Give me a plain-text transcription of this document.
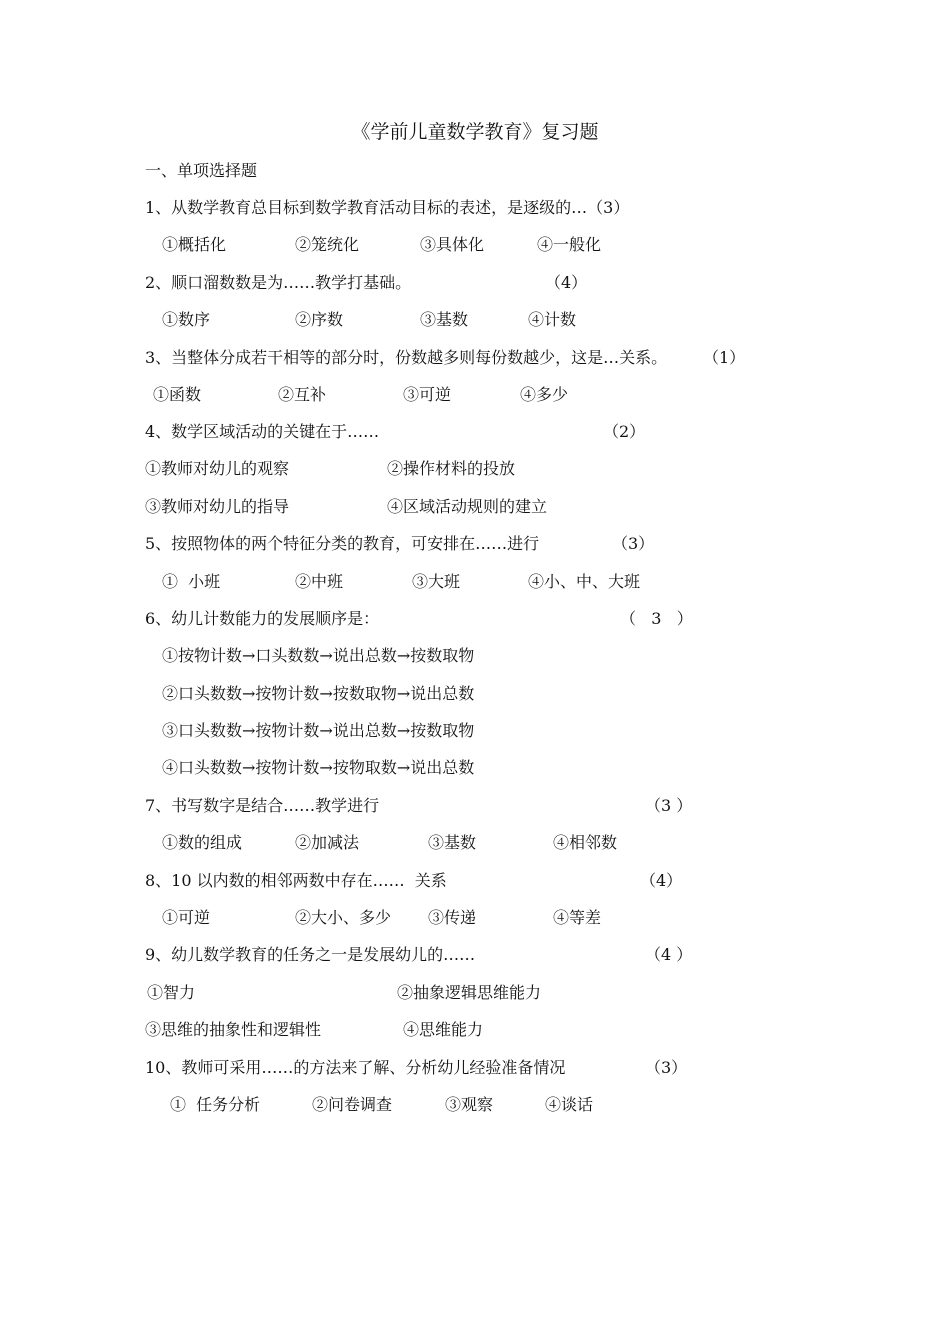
《学前儿童数学教育》复习题
一、单项选择题
1、从数学教育总目标到数学教育活动目标的表述，是逐级的…（3）
①概括化	②笼统化	③具体化	④一般化
2、顺口溜数数是为……教学打基础。	（4）
①数序	②序数	③基数	④计数
3、当整体分成若干相等的部分时，份数越多则每份数越少，这是…关系。 （1）
①函数	②互补	③可逆	④多少
4、数学区域活动的关键在于……	（2）
①教师对幼儿的观察	②操作材料的投放
③教师对幼儿的指导	④区域活动规则的建立
5、按照物体的两个特征分类的教育，可安排在……进行	（3）
①  小班	②中班	③大班	④小、中、大班
6、幼儿计数能力的发展顺序是：	（   3   ）
①按物计数→口头数数→说出总数→按数取物
②口头数数→按物计数→按数取物→说出总数
③口头数数→按物计数→说出总数→按数取物
④口头数数→按物计数→按物取数→说出总数
7、书写数字是结合……教学进行	（3 ）
①数的组成	②加减法	③基数	④相邻数
8、10 以内数的相邻两数中存在……  关系	（4）
①可逆	②大小、多少 ③传递	④等差
9、幼儿数学教育的任务之一是发展幼儿的……	（4 ）
①智力	②抽象逻辑思维能力
③思维的抽象性和逻辑性	④思维能力
10、教师可采用……的方法来了解、分析幼儿经验准备情况	（3）
①  任务分析	②问卷调查	③观察	④谈话
